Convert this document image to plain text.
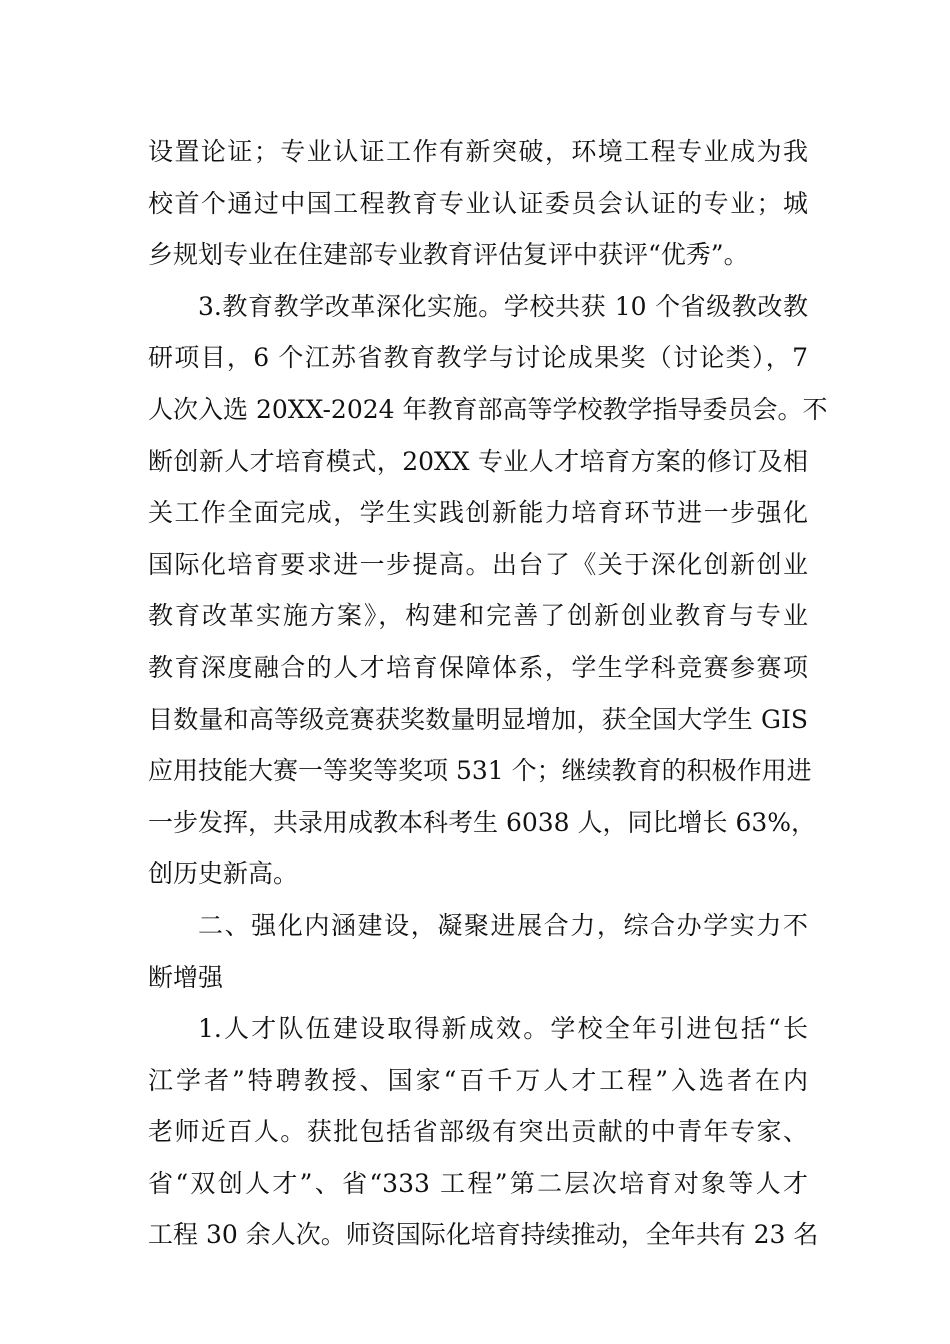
设置论证；专业认证工作有新突破，环境工程专业成为我
校首个通过中国工程教育专业认证委员会认证的专业；城
乡规划专业在住建部专业教育评估复评中获评“优秀”。
3.教育教学改革深化实施。学校共获 10 个省级教改教
研项目，6 个江苏省教育教学与讨论成果奖（讨论类），7
人次入选 20XX-2024 年教育部高等学校教学指导委员会。不
断创新人才培育模式，20XX 专业人才培育方案的修订及相
关工作全面完成，学生实践创新能力培育环节进一步强化
国际化培育要求进一步提高。出台了《关于深化创新创业
教育改革实施方案》，构建和完善了创新创业教育与专业
教育深度融合的人才培育保障体系，学生学科竞赛参赛项
目数量和高等级竞赛获奖数量明显增加，获全国大学生 GIS
应用技能大赛一等奖等奖项 531 个；继续教育的积极作用进
一步发挥，共录用成教本科考生 6038 人，同比增长 63%，
创历史新高。
二、强化内涵建设，凝聚进展合力，综合办学实力不
断增强
1.人才队伍建设取得新成效。学校全年引进包括“长
江学者”特聘教授、国家“百千万人才工程”入选者在内
老师近百人。获批包括省部级有突出贡献的中青年专家、
省“双创人才”、省“333 工程”第二层次培育对象等人才
工程 30 余人次。师资国际化培育持续推动，全年共有 23 名
